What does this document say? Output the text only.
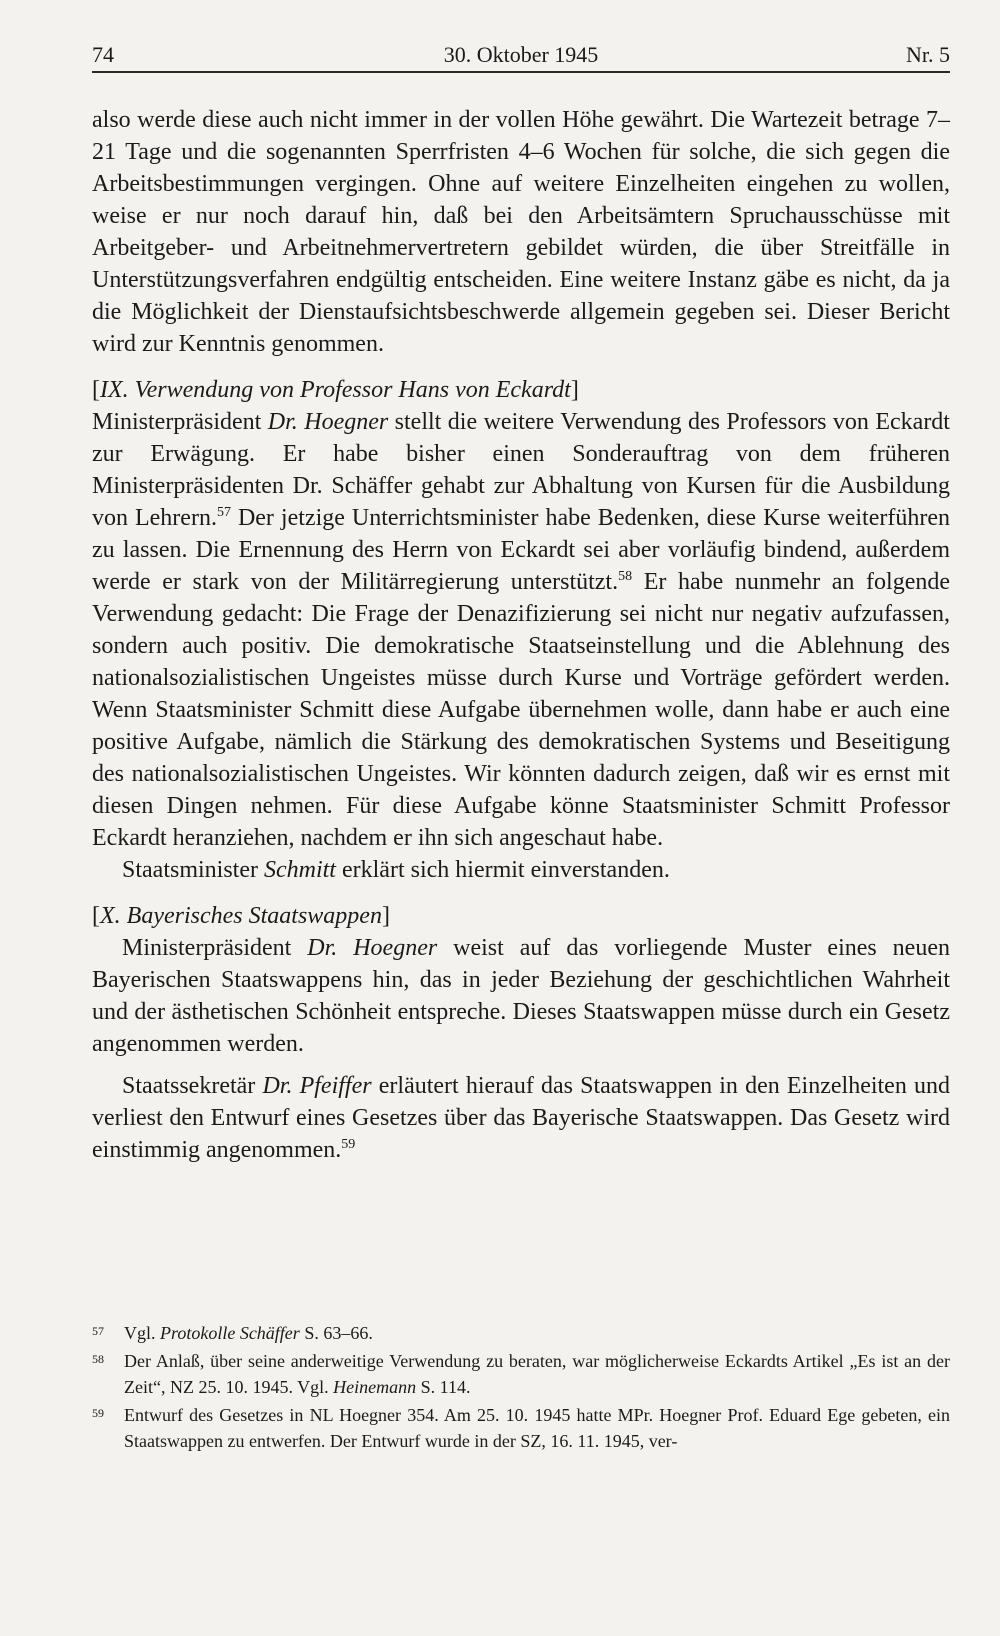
74	30. Oktober 1945	Nr. 5

also werde diese auch nicht immer in der vollen Höhe gewährt. Die Wartezeit betrage 7–21 Tage und die sogenannten Sperrfristen 4–6 Wochen für solche, die sich gegen die Arbeitsbestimmungen vergingen. Ohne auf weitere Einzelheiten eingehen zu wollen, weise er nur noch darauf hin, daß bei den Arbeitsämtern Spruchausschüsse mit Arbeitgeber- und Arbeitnehmervertretern gebildet würden, die über Streitfälle in Unterstützungsverfahren endgültig entscheiden. Eine weitere Instanz gäbe es nicht, da ja die Möglichkeit der Dienstaufsichtsbeschwerde allgemein gegeben sei. Dieser Bericht wird zur Kenntnis genommen.

[IX. Verwendung von Professor Hans von Eckardt]

Ministerpräsident Dr. Hoegner stellt die weitere Verwendung des Professors von Eckardt zur Erwägung. Er habe bisher einen Sonderauftrag von dem früheren Ministerpräsidenten Dr. Schäffer gehabt zur Abhaltung von Kursen für die Ausbildung von Lehrern.$^{57}$ Der jetzige Unterrichtsminister habe Bedenken, diese Kurse weiterführen zu lassen. Die Ernennung des Herrn von Eckardt sei aber vorläufig bindend, außerdem werde er stark von der Militärregierung unterstützt.$^{58}$ Er habe nunmehr an folgende Verwendung gedacht: Die Frage der Denazifizierung sei nicht nur negativ aufzufassen, sondern auch positiv. Die demokratische Staatseinstellung und die Ablehnung des nationalsozialistischen Ungeistes müsse durch Kurse und Vorträge gefördert werden. Wenn Staatsminister Schmitt diese Aufgabe übernehmen wolle, dann habe er auch eine positive Aufgabe, nämlich die Stärkung des demokratischen Systems und Beseitigung des nationalsozialistischen Ungeistes. Wir könnten dadurch zeigen, daß wir es ernst mit diesen Dingen nehmen. Für diese Aufgabe könne Staatsminister Schmitt Professor Eckardt heranziehen, nachdem er ihn sich angeschaut habe.

Staatsminister Schmitt erklärt sich hiermit einverstanden.

[X. Bayerisches Staatswappen]

Ministerpräsident Dr. Hoegner weist auf das vorliegende Muster eines neuen Bayerischen Staatswappens hin, das in jeder Beziehung der geschichtlichen Wahrheit und der ästhetischen Schönheit entspreche. Dieses Staatswappen müsse durch ein Gesetz angenommen werden.

Staatssekretär Dr. Pfeiffer erläutert hierauf das Staatswappen in den Einzelheiten und verliest den Entwurf eines Gesetzes über das Bayerische Staatswappen. Das Gesetz wird einstimmig angenommen.$^{59}$

57 Vgl. Protokolle Schäffer S. 63–66.

58 Der Anlaß, über seine anderweitige Verwendung zu beraten, war möglicherweise Eckardts Artikel „Es ist an der Zeit“, NZ 25. 10. 1945. Vgl. Heinemann S. 114.

59 Entwurf des Gesetzes in NL Hoegner 354. Am 25. 10. 1945 hatte MPr. Hoegner Prof. Eduard Ege gebeten, ein Staatswappen zu entwerfen. Der Entwurf wurde in der SZ, 16. 11. 1945, ver-
